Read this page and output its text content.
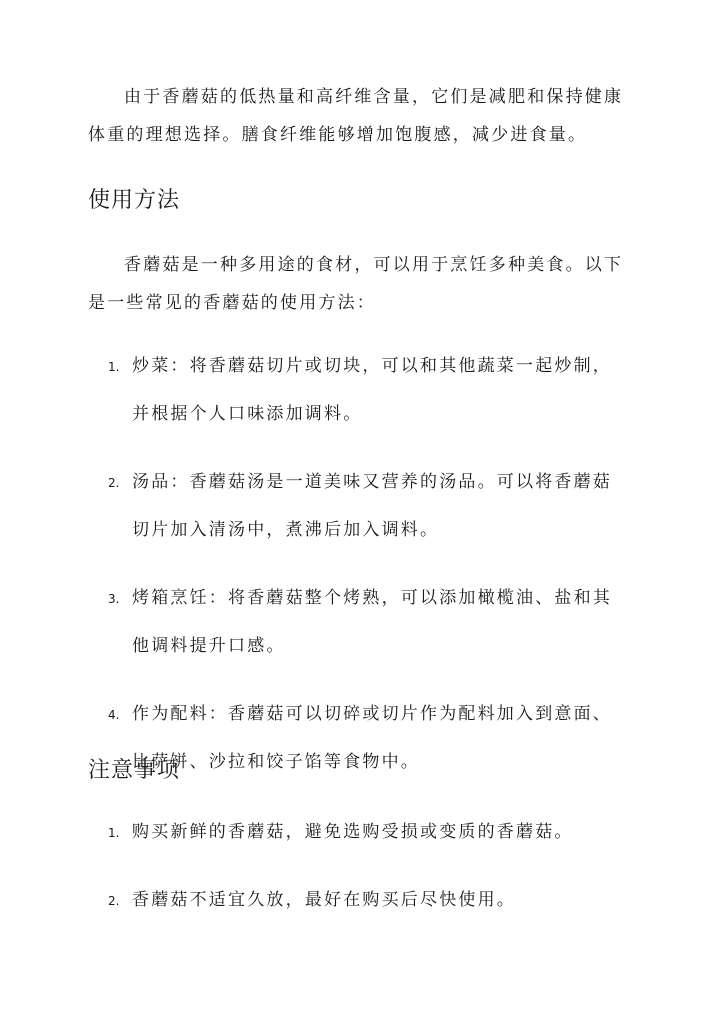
由于香蘑菇的低热量和高纤维含量，它们是减肥和保持健康体重的理想选择。膳食纤维能够增加饱腹感，减少进食量。

使用方法

香蘑菇是一种多用途的食材，可以用于烹饪多种美食。以下是一些常见的香蘑菇的使用方法：

1. 炒菜：将香蘑菇切片或切块，可以和其他蔬菜一起炒制，并根据个人口味添加调料。
2. 汤品：香蘑菇汤是一道美味又营养的汤品。可以将香蘑菇切片加入清汤中，煮沸后加入调料。
3. 烤箱烹饪：将香蘑菇整个烤熟，可以添加橄榄油、盐和其他调料提升口感。
4. 作为配料：香蘑菇可以切碎或切片作为配料加入到意面、比萨饼、沙拉和饺子馅等食物中。
注意事项
1. 购买新鲜的香蘑菇，避免选购受损或变质的香蘑菇。
2. 香蘑菇不适宜久放，最好在购买后尽快使用。
